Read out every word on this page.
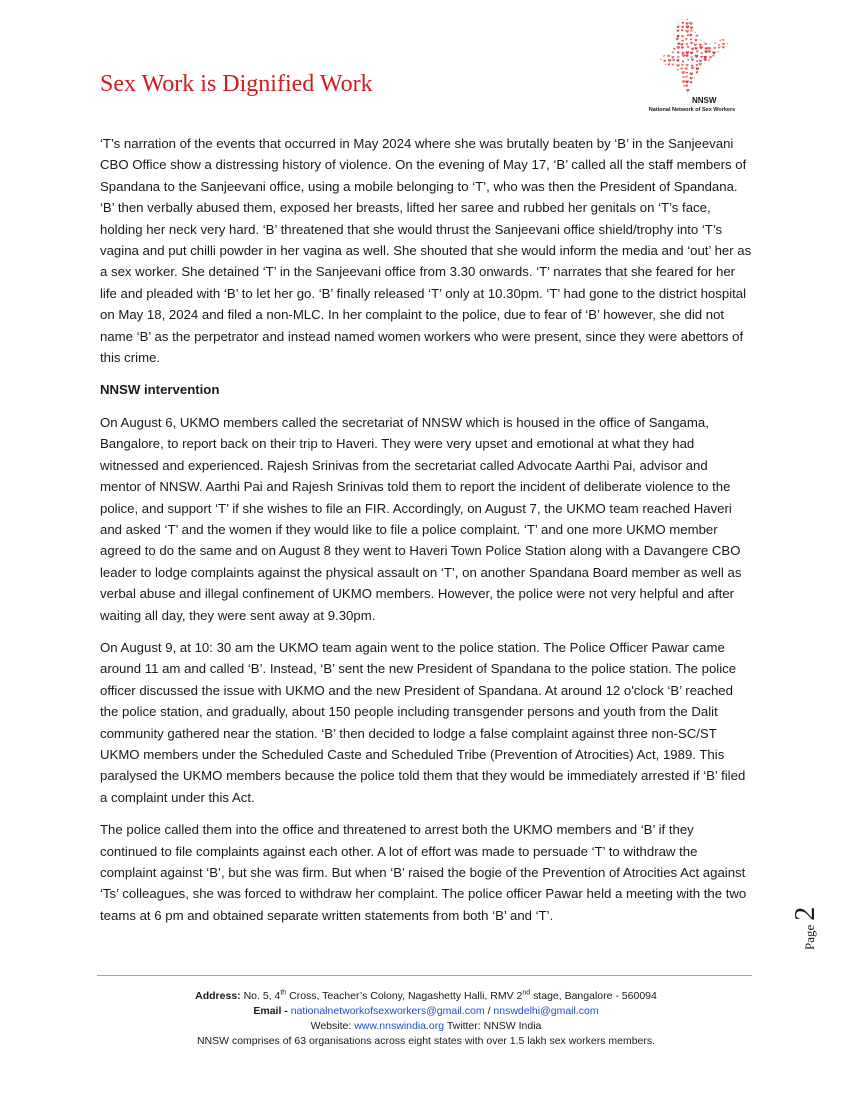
Sex Work is Dignified Work
NNSW
National Network of Sex Workers

‘T’s narration of the events that occurred in May 2024 where she was brutally beaten by ‘B’ in the Sanjeevani CBO Office show a distressing history of violence. On the evening of May 17, ‘B’ called all the staff members of Spandana to the Sanjeevani office, using a mobile belonging to ‘T’, who was then the President of Spandana. ‘B’ then verbally abused them, exposed her breasts, lifted her saree and rubbed her genitals on ‘T’s face, holding her neck very hard. ‘B’ threatened that she would thrust the Sanjeevani office shield/trophy into ‘T’s vagina and put chilli powder in her vagina as well. She shouted that she would inform the media and ‘out’ her as a sex worker. She detained ‘T’ in the Sanjeevani office from 3.30 onwards. ‘T’ narrates that she feared for her life and pleaded with ‘B’ to let her go. ‘B’ finally released ‘T’ only at 10.30pm. ‘T’ had gone to the district hospital on May 18, 2024 and filed a non-MLC. In her complaint to the police, due to fear of ‘B’ however, she did not name ‘B’ as the perpetrator and instead named women workers who were present, since they were abettors of this crime.

NNSW intervention

On August 6, UKMO members called the secretariat of NNSW which is housed in the office of Sangama, Bangalore, to report back on their trip to Haveri. They were very upset and emotional at what they had witnessed and experienced. Rajesh Srinivas from the secretariat called Advocate Aarthi Pai, advisor and mentor of NNSW. Aarthi Pai and Rajesh Srinivas told them to report the incident of deliberate violence to the police, and support ‘T’ if she wishes to file an FIR. Accordingly, on August 7, the UKMO team reached Haveri and asked ‘T’ and the women if they would like to file a police complaint. ‘T’ and one more UKMO member agreed to do the same and on August 8 they went to Haveri Town Police Station along with a Davangere CBO leader to lodge complaints against the physical assault on ‘T’, on another Spandana Board member as well as verbal abuse and illegal confinement of UKMO members. However, the police were not very helpful and after waiting all day, they were sent away at 9.30pm.

On August 9, at 10: 30 am the UKMO team again went to the police station. The Police Officer Pawar came around 11 am and called ‘B’. Instead, ‘B’ sent the new President of Spandana to the police station. The police officer discussed the issue with UKMO and the new President of Spandana. At around 12 o'clock ‘B’ reached the police station, and gradually, about 150 people including transgender persons and youth from the Dalit community gathered near the station. ‘B’ then decided to lodge a false complaint against three non-SC/ST UKMO members under the Scheduled Caste and Scheduled Tribe (Prevention of Atrocities) Act, 1989. This paralysed the UKMO members because the police told them that they would be immediately arrested if ‘B’ filed a complaint under this Act.

The police called them into the office and threatened to arrest both the UKMO members and ‘B’ if they continued to file complaints against each other. A lot of effort was made to persuade ‘T’ to withdraw the complaint against ‘B’, but she was firm. But when ‘B’ raised the bogie of the Prevention of Atrocities Act against ‘Ts’ colleagues, she was forced to withdraw her complaint. The police officer Pawar held a meeting with the two teams at 6 pm and obtained separate written statements from both ‘B’ and ‘T’.

Page 2
Address: No. 5, 4th Cross, Teacher’s Colony, Nagashetty Halli, RMV 2nd stage, Bangalore - 560094
Email - nationalnetworkofsexworkers@gmail.com / nnswdelhi@gmail.com
Website: www.nnswindia.org Twitter: NNSW India
NNSW comprises of 63 organisations across eight states with over 1.5 lakh sex workers members.
